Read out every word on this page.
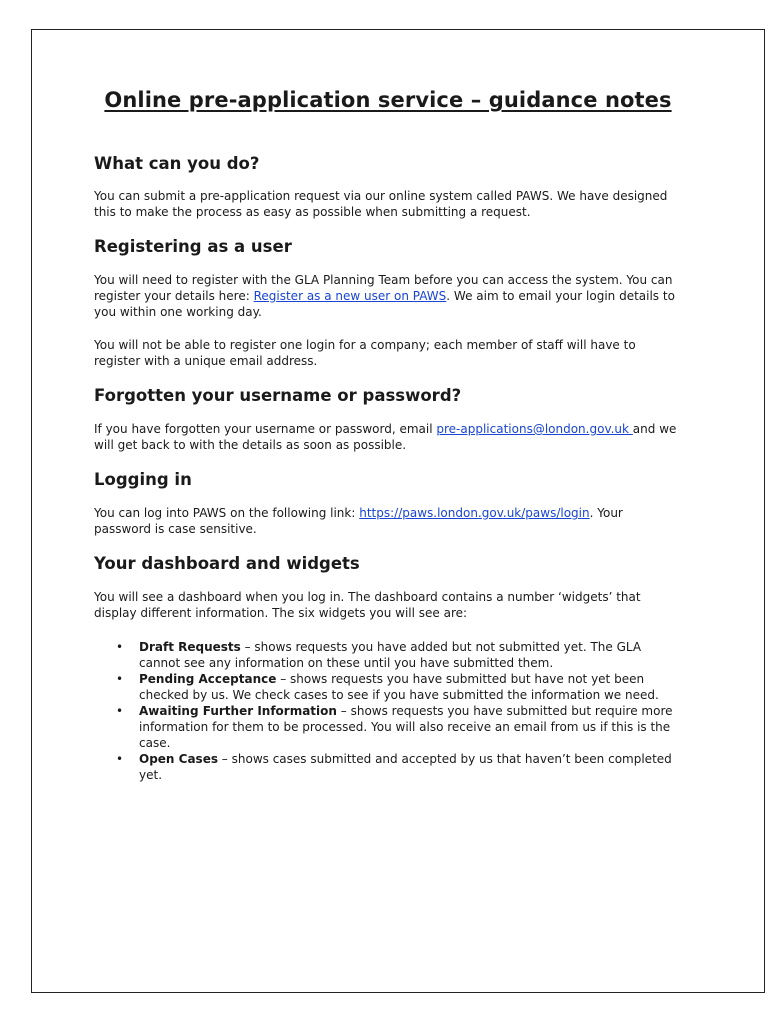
Online pre-application service – guidance notes
What can you do?

You can submit a pre-application request via our online system called PAWS. We have designed this to make the process as easy as possible when submitting a request.

Registering as a user

You will need to register with the GLA Planning Team before you can access the system. You can register your details here: Register as a new user on PAWS. We aim to email your login details to you within one working day.

You will not be able to register one login for a company; each member of staff will have to register with a unique email address.

Forgotten your username or password?

If you have forgotten your username or password, email pre-applications@london.gov.uk and we will get back to with the details as soon as possible.

Logging in

You can log into PAWS on the following link: https://paws.london.gov.uk/paws/login. Your password is case sensitive.

Your dashboard and widgets

You will see a dashboard when you log in. The dashboard contains a number ‘widgets’ that display different information. The six widgets you will see are:

• Draft Requests – shows requests you have added but not submitted yet. The GLA cannot see any information on these until you have submitted them.
• Pending Acceptance – shows requests you have submitted but have not yet been checked by us. We check cases to see if you have submitted the information we need.
• Awaiting Further Information – shows requests you have submitted but require more information for them to be processed. You will also receive an email from us if this is the case.
• Open Cases – shows cases submitted and accepted by us that haven’t been completed yet.
